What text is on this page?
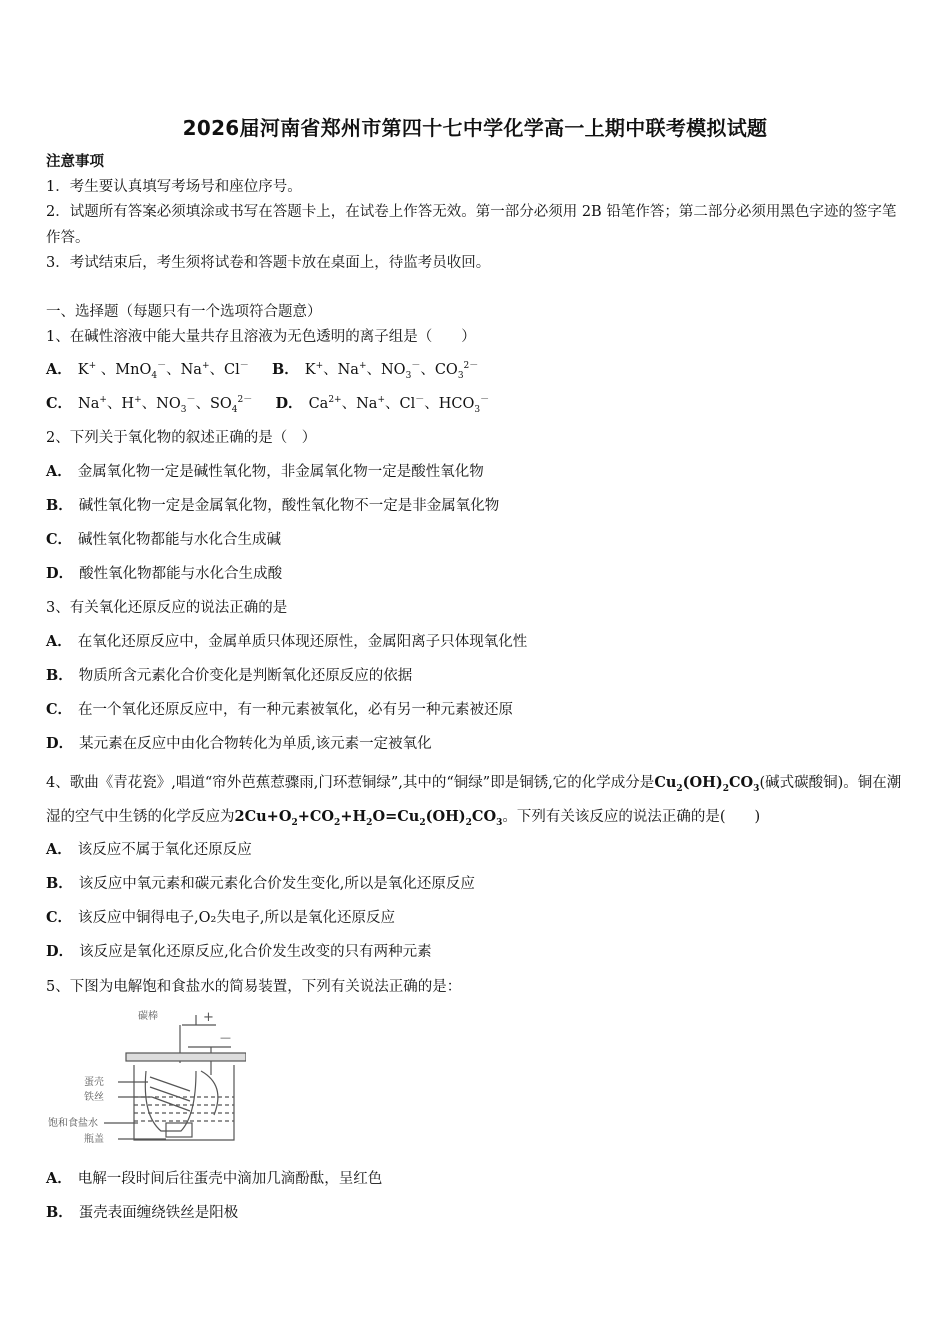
2026届河南省郑州市第四十七中学化学高一上期中联考模拟试题
注意事项
1．考生要认真填写考场号和座位序号。
2．试题所有答案必须填涂或书写在答题卡上，在试卷上作答无效。第一部分必须用 2B 铅笔作答；第二部分必须用黑色字迹的签字笔作答。
3．考试结束后，考生须将试卷和答题卡放在桌面上，待监考员收回。
一、选择题（每题只有一个选项符合题意）
1、在碱性溶液中能大量共存且溶液为无色透明的离子组是（　　）
A． K+ 、MnO$_4$－、Na+、Cl－ B． K+、Na+、$NO_3^-$、$CO_3^{2-}$
C． Na+、H+、$NO_3^-$、$SO_4^{2-}$ D． $Ca^{2+}$、Na+、Cl－、$HCO_3^-$
2、下列关于氧化物的叙述正确的是（　）
A． 金属氧化物一定是碱性氧化物，非金属氧化物一定是酸性氧化物
B． 碱性氧化物一定是金属氧化物，酸性氧化物不一定是非金属氧化物
C． 碱性氧化物都能与水化合生成碱
D． 酸性氧化物都能与水化合生成酸
3、有关氧化还原反应的说法正确的是
A． 在氧化还原反应中，金属单质只体现还原性，金属阳离子只体现氧化性
B． 物质所含元素化合价变化是判断氧化还原反应的依据
C． 在一个氧化还原反应中，有一种元素被氧化，必有另一种元素被还原
D． 某元素在反应中由化合物转化为单质,该元素一定被氧化
4、歌曲《青花瓷》,唱道“帘外芭蕉惹骤雨,门环惹铜绿”,其中的“铜绿”即是铜锈,它的化学成分是$Cu_2(OH)_2CO_3$(碱式碳酸铜)。铜在潮湿的空气中生锈的化学反应为$2Cu+O_2+CO_2+H_2O=Cu_2(OH)_2CO_3$。下列有关该反应的说法正确的是(　　)
A． 该反应不属于氧化还原反应
B． 该反应中氧元素和碳元素化合价发生变化,所以是氧化还原反应
C． 该反应中铜得电子,O₂失电子,所以是氧化还原反应
D． 该反应是氧化还原反应,化合价发生改变的只有两种元素
5、下图为电解饱和食盐水的简易装置，下列有关说法正确的是：
碳棒	+
—
蛋壳
铁丝
饱和食盐水
瓶盖
A． 电解一段时间后往蛋壳中滴加几滴酚酞，呈红色
B． 蛋壳表面缠绕铁丝是阳极
